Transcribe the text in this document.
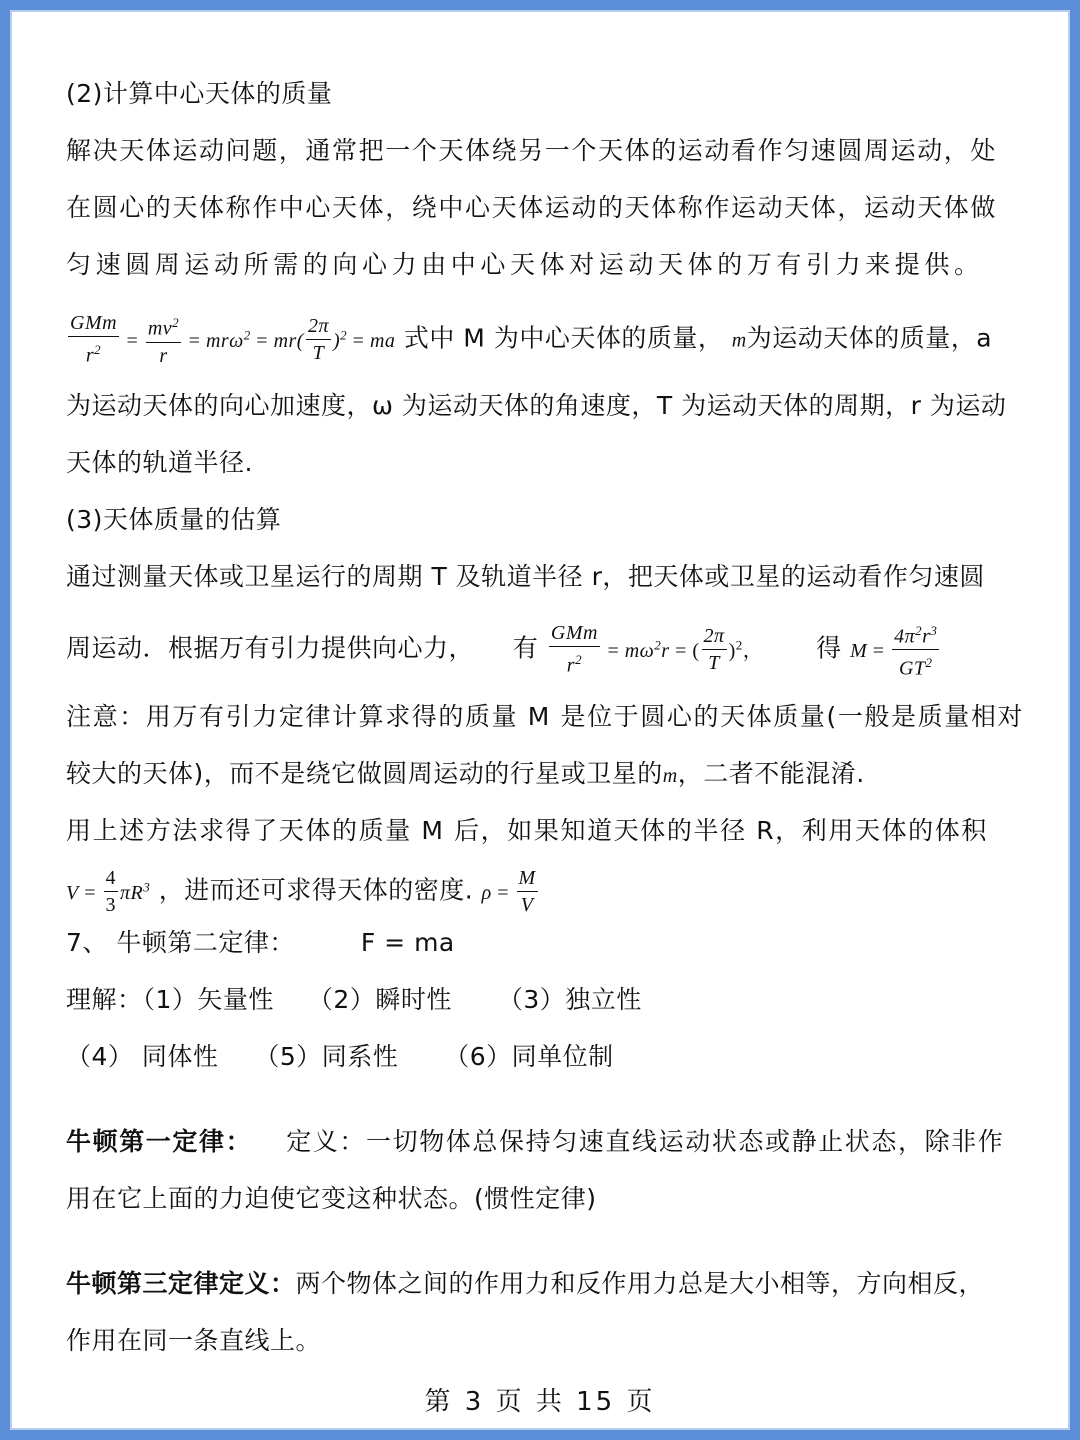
(2)计算中心天体的质量
解决天体运动问题，通常把一个天体绕另一个天体的运动看作匀速圆周运动，处
在圆心的天体称作中心天体，绕中心天体运动的天体称作运动天体，运动天体做
匀速圆周运动所需的向心力由中心天体对运动天体的万有引力来提供。
$\frac{\text{GMm}}{r^2} = \frac{mv^2}{r} = mr\omega^2 = mr( \frac{2\pi}{T} )^2$ = ma 式中 M 为中心天体的质量， m为运动天体的质量，a
为运动天体的向心加速度，ω 为运动天体的角速度，T 为运动天体的周期，r 为运动
天体的轨道半径.
(3)天体质量的估算
通过测量天体或卫星运行的周期 T 及轨道半径 r，把天体或卫星的运动看作匀速圆
周运动．根据万有引力提供向心力， 有 $\frac{\text{GMm}}{r^2} = m\omega^2r$ = ( $\frac{2\pi}{T} )^2$， 得 $M = \frac{4\pi^2r^3}{GT^2}$
注意：用万有引力定律计算求得的质量 M 是位于圆心的天体质量(一般是质量相对
较大的天体)，而不是绕它做圆周运动的行星或卫星的m，二者不能混淆.
用上述方法求得了天体的质量 M 后，如果知道天体的半径 R，利用天体的体积
$V = \frac{4}{3} \pi R^3$ ，进而还可求得天体的密度. $\rho = \frac{M}{V}$
7、 牛顿第二定律：	F = ma
理解：（1）矢量性 （2）瞬时性 （3）独立性
（4） 同体性 （5）同系性 （6）同单位制
牛顿第一定律： 定义：一切物体总保持匀速直线运动状态或静止状态，除非作
用在它上面的力迫使它变这种状态。(惯性定律)
牛顿第三定律定义：两个物体之间的作用力和反作用力总是大小相等，方向相反，
作用在同一条直线上。
第 3 页 共 15 页
